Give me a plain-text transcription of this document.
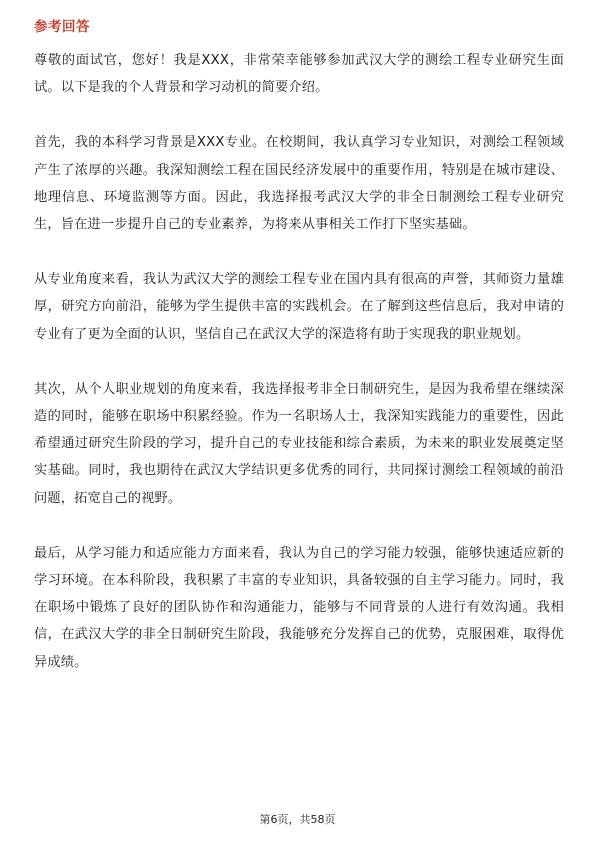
参考回答

尊敬的面试官，您好！我是XXX，非常荣幸能够参加武汉大学的测绘工程专业研究生面试。以下是我的个人背景和学习动机的简要介绍。

首先，我的本科学习背景是XXX专业。在校期间，我认真学习专业知识，对测绘工程领域产生了浓厚的兴趣。我深知测绘工程在国民经济发展中的重要作用，特别是在城市建设、地理信息、环境监测等方面。因此，我选择报考武汉大学的非全日制测绘工程专业研究生，旨在进一步提升自己的专业素养，为将来从事相关工作打下坚实基础。

从专业角度来看，我认为武汉大学的测绘工程专业在国内具有很高的声誉，其师资力量雄厚，研究方向前沿，能够为学生提供丰富的实践机会。在了解到这些信息后，我对申请的专业有了更为全面的认识，坚信自己在武汉大学的深造将有助于实现我的职业规划。

其次，从个人职业规划的角度来看，我选择报考非全日制研究生，是因为我希望在继续深造的同时，能够在职场中积累经验。作为一名职场人士，我深知实践能力的重要性，因此希望通过研究生阶段的学习，提升自己的专业技能和综合素质，为未来的职业发展奠定坚实基础。同时，我也期待在武汉大学结识更多优秀的同行，共同探讨测绘工程领域的前沿问题，拓宽自己的视野。

最后，从学习能力和适应能力方面来看，我认为自己的学习能力较强，能够快速适应新的学习环境。在本科阶段，我积累了丰富的专业知识，具备较强的自主学习能力。同时，我在职场中锻炼了良好的团队协作和沟通能力，能够与不同背景的人进行有效沟通。我相信，在武汉大学的非全日制研究生阶段，我能够充分发挥自己的优势，克服困难，取得优异成绩。

第6页，共58页
